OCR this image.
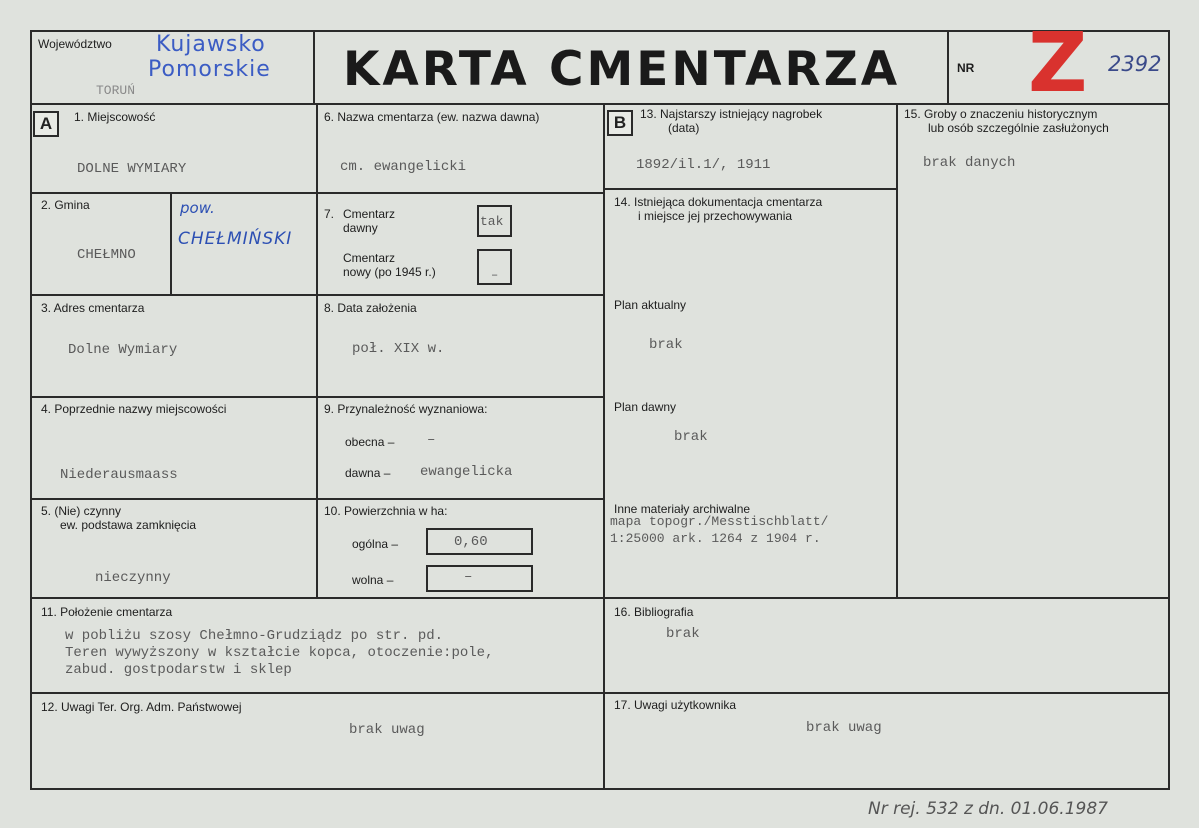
Województwo	Kujawsko
Pomorskie
TORUŃ	KARTA CMENTARZA	NR Z 2392
A	1. Miejscowość
DOLNE WYMIARY
2. Gmina
CHEŁMNO
pow.
CHEŁMIŃSKI
3. Adres cmentarza
Dolne Wymiary
4. Poprzednie nazwy miejscowości
Niederausmaass
5. (Nie) czynny
ew. podstawa zamknięcia
nieczynny
6. Nazwa cmentarza (ew. nazwa dawna)
cm. ewangelicki
7. Cmentarz
dawny	tak
Cmentarz
nowy (po 1945 r.)	–
8. Data założenia
poł. XIX w.
9. Przynależność wyznaniowa:
obecna – –
dawna – ewangelicka
10. Powierzchnia w ha:
ogólna –	0,60
wolna –	–
B	13. Najstarszy istniejący nagrobek
(data)
1892/il.1/, 1911
14. Istniejąca dokumentacja cmentarza
i miejsce jej przechowywania
Plan aktualny
brak
Plan dawny
brak
Inne materiały archiwalne
mapa topogr./Messtischblatt/
1:25000 ark. 1264 z 1904 r.
15. Groby o znaczeniu historycznym
lub osób szczególnie zasłużonych
brak danych
11. Położenie cmentarza
w pobliżu szosy Chełmno-Grudziądz po str. pd.
Teren wywyższony w kształcie kopca, otoczenie:pole,
zabud. gostpodarstw i sklep
16. Bibliografia
brak
12. Uwagi Ter. Org. Adm. Państwowej
brak uwag
17. Uwagi użytkownika
brak uwag
Nr rej. 532 z dn. 01.06.1987
